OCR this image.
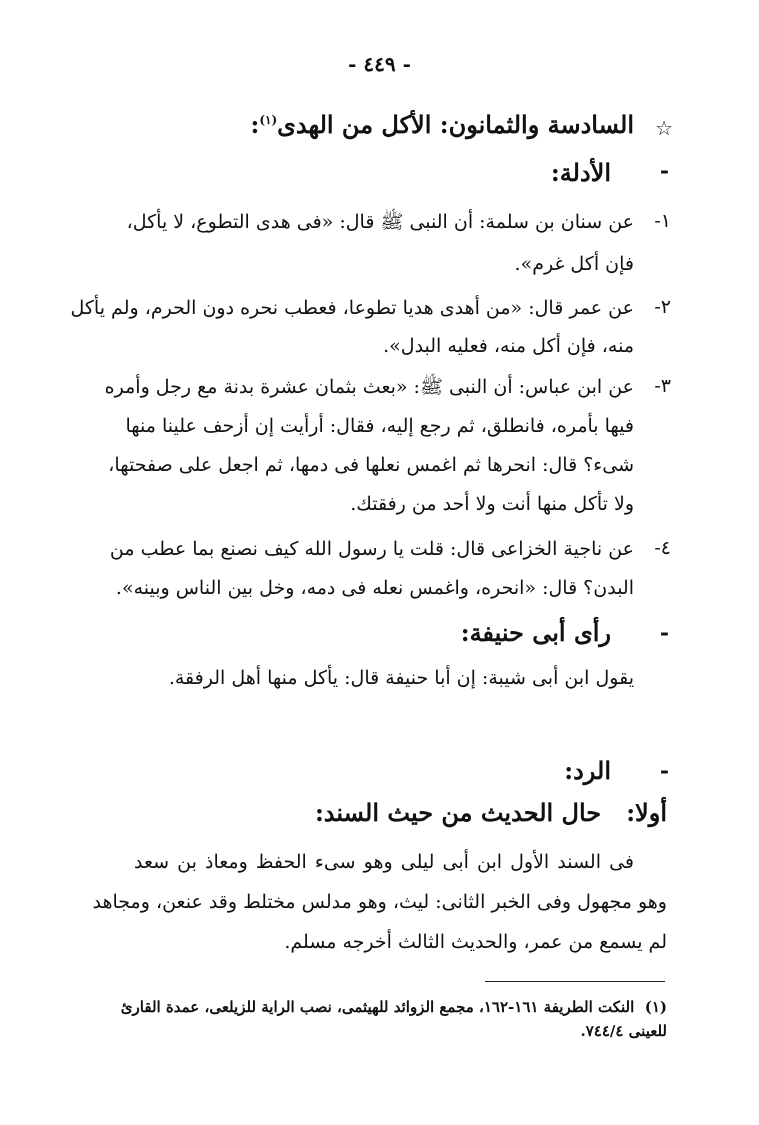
- ٤٤٩ -
☆
السادسة والثمانون: الأكل من الهدى$^{(١)}$:
-
الأدلة:
١-
عن سنان بن سلمة: أن النبى ﷺ قال: «فى هدى التطوع، لا يأكل،
فإن أكل غرم».
٢-
عن عمر قال: «من أهدى هديا تطوعا، فعطب نحره دون الحرم، ولم يأكل
منه، فإن أكل منه، فعليه البدل».
٣-
عن ابن عباس: أن النبى ﷺ: «بعث بثمان عشرة بدنة مع رجل وأمره
فيها بأمره، فانطلق، ثم رجع إليه، فقال: أرأيت إن أزحف علينا منها
شىء؟ قال: انحرها ثم اغمس نعلها فى دمها، ثم اجعل على صفحتها،
ولا تأكل منها أنت ولا أحد من رفقتك.
٤-
عن ناجية الخزاعى قال: قلت يا رسول الله كيف نصنع بما عطب من
البدن؟ قال: «انحره، واغمس نعله فى دمه، وخل بين الناس وبينه».
-
رأى أبى حنيفة:
يقول ابن أبى شيبة: إن أبا حنيفة قال: يأكل منها أهل الرفقة.
-
الرد:
أولا:   حال الحديث من حيث السند:
فى السند الأول ابن أبى ليلى وهو سىء الحفظ ومعاذ بن سعد
وهو مجهول وفى الخبر الثانى: ليث، وهو مدلس مختلط وقد عنعن، ومجاهد
لم يسمع من عمر، والحديث الثالث أخرجه مسلم.
(١)  النكت الطريفة ١٦١-١٦٢، مجمع الزوائد للهيثمى، نصب الراية للزيلعى، عمدة القارئ
للعينى ٧٤٤/٤.
